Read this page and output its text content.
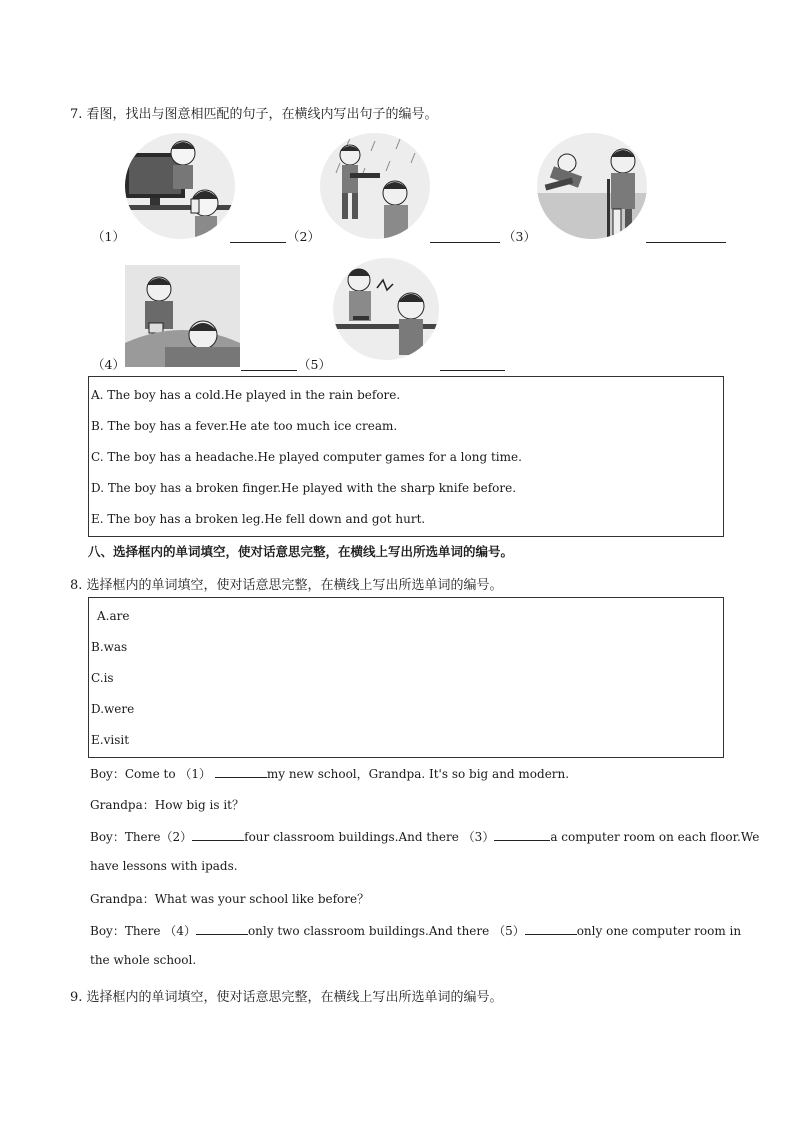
7. 看图，找出与图意相匹配的句子，在横线内写出句子的编号。
（1）	（2）	（3）
（4）	（5）
A. The boy has a cold.He played in the rain before.
B. The boy has a fever.He ate too much ice cream.
C. The boy has a headache.He played computer games for a long time.
D. The boy has a broken finger.He played with the sharp knife before.
E. The boy has a broken leg.He fell down and got hurt.
八、选择框内的单词填空，使对话意思完整，在横线上写出所选单词的编号。
8. 选择框内的单词填空，使对话意思完整，在横线上写出所选单词的编号。
A.are
B.was
C.is
D.were
E.visit
Boy：Come to （1）	my new school，Grandpa. It's so big and modern.
Grandpa：How big is it？
Boy：There（2）	four classroom buildings.And there （3）	a computer room on each floor.We
have lessons with ipads.
Grandpa：What was your school like before？
Boy：There （4）	only two classroom buildings.And there （5）	only one computer room in
the whole school.
9. 选择框内的单词填空，使对话意思完整，在横线上写出所选单词的编号。
